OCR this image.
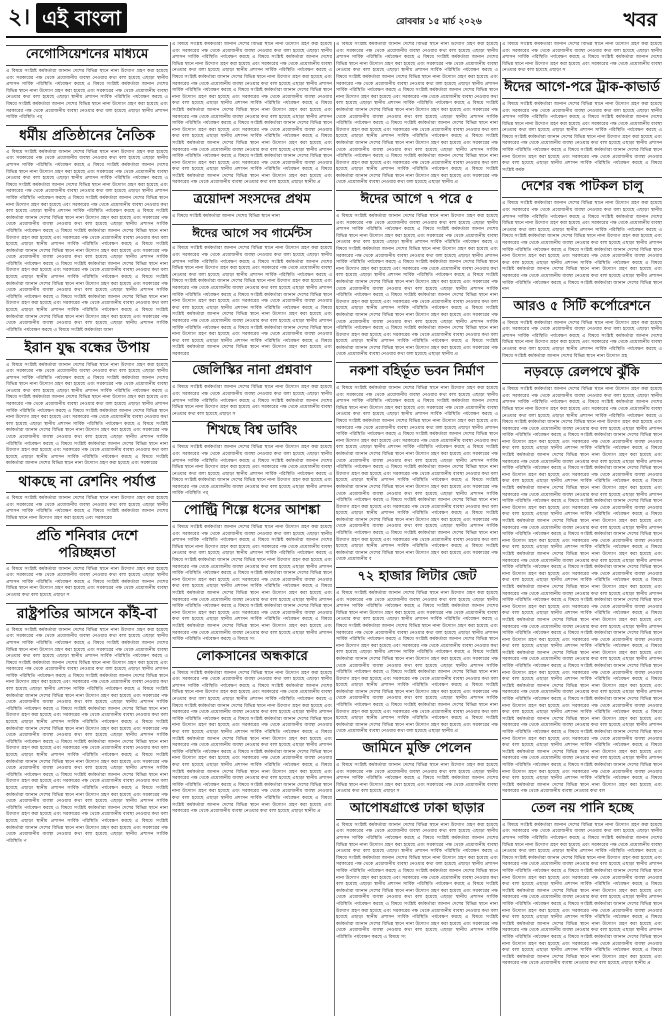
২। এই বাংলা	রোববার ১৫ মার্চ ২০২৬	খবর
নেগোসিয়েশনের মাধ্যমে

এ বিষয়ে সংশ্লিষ্ট কর্মকর্তারা জানান দেশের বিভিন্ন স্থানে নানা উদ্যোগ গ্রহণ করা হয়েছে এবং সরকারের পক্ষ থেকে প্রয়োজনীয় ব্যবস্থা নেওয়ার কথা বলা হয়েছে এছাড়া স্থানীয় প্রশাসন সার্বিক পরিস্থিতি পর্যবেক্ষণ করছে এ বিষয়ে সংশ্লিষ্ট কর্মকর্তারা জানান দেশের বিভিন্ন স্থানে নানা উদ্যোগ গ্রহণ করা হয়েছে এবং সরকারের পক্ষ থেকে প্রয়োজনীয় ব্যবস্থা নেওয়ার কথা বলা হয়েছে এছাড়া স্থানীয় প্রশাসন সার্বিক পরিস্থিতি পর্যবেক্ষণ করছে এ বিষয়ে সংশ্লিষ্ট কর্মকর্তারা জানান দেশের বিভিন্ন স্থানে নানা উদ্যোগ গ্রহণ করা হয়েছে এবং সরকারের পক্ষ থেকে প্রয়োজনীয় ব্যবস্থা নেওয়ার কথা বলা হয়েছে এছাড়া স্থানীয় প্রশাসন সার্বিক পরিস্থিতি পর্

ধর্মীয় প্রতিষ্ঠানের নৈতিক

এ বিষয়ে সংশ্লিষ্ট কর্মকর্তারা জানান দেশের বিভিন্ন স্থানে নানা উদ্যোগ গ্রহণ করা হয়েছে এবং সরকারের পক্ষ থেকে প্রয়োজনীয় ব্যবস্থা নেওয়ার কথা বলা হয়েছে এছাড়া স্থানীয় প্রশাসন সার্বিক পরিস্থিতি পর্যবেক্ষণ করছে এ বিষয়ে সংশ্লিষ্ট কর্মকর্তারা জানান দেশের বিভিন্ন স্থানে নানা উদ্যোগ গ্রহণ করা হয়েছে এবং সরকারের পক্ষ থেকে প্রয়োজনীয় ব্যবস্থা নেওয়ার কথা বলা হয়েছে এছাড়া স্থানীয় প্রশাসন সার্বিক পরিস্থিতি পর্যবেক্ষণ করছে এ বিষয়ে সংশ্লিষ্ট কর্মকর্তারা জানান দেশের বিভিন্ন স্থানে নানা উদ্যোগ গ্রহণ করা হয়েছে এবং সরকারের পক্ষ থেকে প্রয়োজনীয় ব্যবস্থা নেওয়ার কথা বলা হয়েছে এছাড়া স্থানীয় প্রশাসন সার্বিক পরিস্থিতি পর্যবেক্ষণ করছে এ বিষয়ে সংশ্লিষ্ট কর্মকর্তারা জানান দেশের বিভিন্ন স্থানে নানা উদ্যোগ গ্রহণ করা হয়েছে এবং সরকারের পক্ষ থেকে প্রয়োজনীয় ব্যবস্থা নেওয়ার কথা বলা হয়েছে এছাড়া স্থানীয় প্রশাসন সার্বিক পরিস্থিতি পর্যবেক্ষণ করছে এ বিষয়ে সংশ্লিষ্ট কর্মকর্তারা জানান দেশের বিভিন্ন স্থানে নানা উদ্যোগ গ্রহণ করা হয়েছে এবং সরকারের পক্ষ থেকে প্রয়োজনীয় ব্যবস্থা নেওয়ার কথা বলা হয়েছে এছাড়া স্থানীয় প্রশাসন সার্বিক পরিস্থিতি পর্যবেক্ষণ করছে এ বিষয়ে সংশ্লিষ্ট কর্মকর্তারা জানান দেশের বিভিন্ন স্থানে নানা উদ্যোগ গ্রহণ করা হয়েছে এবং সরকারের পক্ষ থেকে প্রয়োজনীয় ব্যবস্থা নেওয়ার কথা বলা হয়েছে এছাড়া স্থানীয় প্রশাসন সার্বিক পরিস্থিতি পর্যবেক্ষণ করছে এ বিষয়ে সংশ্লিষ্ট কর্মকর্তারা জানান দেশের বিভিন্ন স্থানে নানা উদ্যোগ গ্রহণ করা হয়েছে এবং সরকারের পক্ষ থেকে প্রয়োজনীয় ব্যবস্থা নেওয়ার কথা বলা হয়েছে এছাড়া স্থানীয় প্রশাসন সার্বিক পরিস্থিতি পর্যবেক্ষণ করছে এ বিষয়ে সংশ্লিষ্ট কর্মকর্তারা জানান দেশের বিভিন্ন স্থানে নানা উদ্যোগ গ্রহণ করা হয়েছে এবং সরকারের পক্ষ থেকে প্রয়োজনীয় ব্যবস্থা নেওয়ার কথা বলা হয়েছে এছাড়া স্থানীয় প্রশাসন সার্বিক পরিস্থিতি পর্যবেক্ষণ করছে এ বিষয়ে সংশ্লিষ্ট কর্মকর্তারা জানান দেশের বিভিন্ন স্থানে নানা উদ্যোগ গ্রহণ করা হয়েছে এবং সরকারের পক্ষ থেকে প্রয়োজনীয় ব্যবস্থা নেওয়ার কথা বলা হয়েছে এছাড়া স্থানীয় প্রশাসন সার্বিক পরিস্থিতি পর্যবেক্ষণ করছে এ বিষয়ে সংশ্লিষ্ট কর্মকর্তারা জানান দেশের বিভিন্ন স্থানে নানা উদ্যোগ গ্রহণ করা হয়েছে এবং সরকারের পক্ষ থেকে প্রয়োজনীয় ব্যবস্থা নেওয়ার কথা বলা হয়েছে এছাড়া স্থানীয় প্রশাসন সার্বিক পরিস্থিতি পর্যবেক্ষণ করছে এ বিষয়ে সংশ্লিষ্ট কর্মকর্তারা জানান দেশের বিভিন্ন স্থানে নানা উদ্যোগ গ্রহণ করা হয়েছে এবং সরকারের পক্ষ থেকে প্রয়োজনীয় ব্যবস্থা নেওয়ার কথা বলা হয়েছে এছাড়া স্থানীয় প্রশাসন সার্বিক পরিস্থিতি পর্যবেক্ষণ করছে এ বিষয়ে সংশ্লিষ্ট কর্মকর্তারা জানা

ইরান যুদ্ধ বন্ধের উপায়

এ বিষয়ে সংশ্লিষ্ট কর্মকর্তারা জানান দেশের বিভিন্ন স্থানে নানা উদ্যোগ গ্রহণ করা হয়েছে এবং সরকারের পক্ষ থেকে প্রয়োজনীয় ব্যবস্থা নেওয়ার কথা বলা হয়েছে এছাড়া স্থানীয় প্রশাসন সার্বিক পরিস্থিতি পর্যবেক্ষণ করছে এ বিষয়ে সংশ্লিষ্ট কর্মকর্তারা জানান দেশের বিভিন্ন স্থানে নানা উদ্যোগ গ্রহণ করা হয়েছে এবং সরকারের পক্ষ থেকে প্রয়োজনীয় ব্যবস্থা নেওয়ার কথা বলা হয়েছে এছাড়া স্থানীয় প্রশাসন সার্বিক পরিস্থিতি পর্যবেক্ষণ করছে এ বিষয়ে সংশ্লিষ্ট কর্মকর্তারা জানান দেশের বিভিন্ন স্থানে নানা উদ্যোগ গ্রহণ করা হয়েছে এবং সরকারের পক্ষ থেকে প্রয়োজনীয় ব্যবস্থা নেওয়ার কথা বলা হয়েছে এছাড়া স্থানীয় প্রশাসন সার্বিক পরিস্থিতি পর্যবেক্ষণ করছে এ বিষয়ে সংশ্লিষ্ট কর্মকর্তারা জানান দেশের বিভিন্ন স্থানে নানা উদ্যোগ গ্রহণ করা হয়েছে এবং সরকারের পক্ষ থেকে প্রয়োজনীয় ব্যবস্থা নেওয়ার কথা বলা হয়েছে এছাড়া স্থানীয় প্রশাসন সার্বিক পরিস্থিতি পর্যবেক্ষণ করছে এ বিষয়ে সংশ্লিষ্ট কর্মকর্তারা জানান দেশের বিভিন্ন স্থানে নানা উদ্যোগ গ্রহণ করা হয়েছে এবং সরকারের পক্ষ থেকে প্রয়োজনীয় ব্যবস্থা নেওয়ার কথা বলা হয়েছে এছাড়া স্থানীয় প্রশাসন সার্বিক পরিস্থিতি পর্যবেক্ষণ করছে এ বিষয়ে সংশ্লিষ্ট কর্মকর্তারা জানান দেশের বিভিন্ন স্থানে নানা উদ্যোগ গ্রহণ করা হয়েছে এবং সরকারের পক্ষ থেকে প্রয়োজনীয় ব্যবস্থা নেওয়ার কথা বলা হয়েছে এছাড়া স্থানীয় প্রশাসন সার্বিক পরিস্থিতি পর্যবেক্ষণ করছে এ বিষয়ে সংশ্লিষ্ট কর্মকর্তারা জানান দেশের বিভিন্ন স্থানে নানা উদ্যোগ গ্রহণ করা হয়েছে এবং সরকারের

থাকছে না রেশনিং পর্যাপ্ত

এ বিষয়ে সংশ্লিষ্ট কর্মকর্তারা জানান দেশের বিভিন্ন স্থানে নানা উদ্যোগ গ্রহণ করা হয়েছে এবং সরকারের পক্ষ থেকে প্রয়োজনীয় ব্যবস্থা নেওয়ার কথা বলা হয়েছে এছাড়া স্থানীয় প্রশাসন সার্বিক পরিস্থিতি পর্যবেক্ষণ করছে এ বিষয়ে সংশ্লিষ্ট কর্মকর্তারা জানান দেশের বিভিন্ন স্থানে নানা উদ্যোগ গ্রহণ করা হয়েছে এবং সরকারের

প্রতি শনিবার দেশে পরিচ্ছন্নতা

এ বিষয়ে সংশ্লিষ্ট কর্মকর্তারা জানান দেশের বিভিন্ন স্থানে নানা উদ্যোগ গ্রহণ করা হয়েছে এবং সরকারের পক্ষ থেকে প্রয়োজনীয় ব্যবস্থা নেওয়ার কথা বলা হয়েছে এছাড়া স্থানীয় প্রশাসন সার্বিক পরিস্থিতি পর্যবেক্ষণ করছে এ বিষয়ে সংশ্লিষ্ট কর্মকর্তারা জানান দেশের বিভিন্ন স্থানে নানা উদ্যোগ গ্রহণ করা হয়েছে এবং সরকারের পক্ষ থেকে প্রয়োজনীয় ব্যবস্থা নেওয়ার কথা বলা হয়েছে এছাড়া স

রাষ্ট্রপতির আসনে কাঁই-বা

এ বিষয়ে সংশ্লিষ্ট কর্মকর্তারা জানান দেশের বিভিন্ন স্থানে নানা উদ্যোগ গ্রহণ করা হয়েছে এবং সরকারের পক্ষ থেকে প্রয়োজনীয় ব্যবস্থা নেওয়ার কথা বলা হয়েছে এছাড়া স্থানীয় প্রশাসন সার্বিক পরিস্থিতি পর্যবেক্ষণ করছে এ বিষয়ে সংশ্লিষ্ট কর্মকর্তারা জানান দেশের বিভিন্ন স্থানে নানা উদ্যোগ গ্রহণ করা হয়েছে এবং সরকারের পক্ষ থেকে প্রয়োজনীয় ব্যবস্থা নেওয়ার কথা বলা হয়েছে এছাড়া স্থানীয় প্রশাসন সার্বিক পরিস্থিতি পর্যবেক্ষণ করছে এ বিষয়ে সংশ্লিষ্ট কর্মকর্তারা জানান দেশের বিভিন্ন স্থানে নানা উদ্যোগ গ্রহণ করা হয়েছে এবং সরকারের পক্ষ থেকে প্রয়োজনীয় ব্যবস্থা নেওয়ার কথা বলা হয়েছে এছাড়া স্থানীয় প্রশাসন সার্বিক পরিস্থিতি পর্যবেক্ষণ করছে এ বিষয়ে সংশ্লিষ্ট কর্মকর্তারা জানান দেশের বিভিন্ন স্থানে নানা উদ্যোগ গ্রহণ করা হয়েছে এবং সরকারের পক্ষ থেকে প্রয়োজনীয় ব্যবস্থা নেওয়ার কথা বলা হয়েছে এছাড়া স্থানীয় প্রশাসন সার্বিক পরিস্থিতি পর্যবেক্ষণ করছে এ বিষয়ে সংশ্লিষ্ট কর্মকর্তারা জানান দেশের বিভিন্ন স্থানে নানা উদ্যোগ গ্রহণ করা হয়েছে এবং সরকারের পক্ষ থেকে প্রয়োজনীয় ব্যবস্থা নেওয়ার কথা বলা হয়েছে এছাড়া স্থানীয় প্রশাসন সার্বিক পরিস্থিতি পর্যবেক্ষণ করছে এ বিষয়ে সংশ্লিষ্ট কর্মকর্তারা জানান দেশের বিভিন্ন স্থানে নানা উদ্যোগ গ্রহণ করা হয়েছে এবং সরকারের পক্ষ থেকে প্রয়োজনীয় ব্যবস্থা নেওয়ার কথা বলা হয়েছে এছাড়া স্থানীয় প্রশাসন সার্বিক পরিস্থিতি পর্যবেক্ষণ করছে এ বিষয়ে সংশ্লিষ্ট কর্মকর্তারা জানান দেশের বিভিন্ন স্থানে নানা উদ্যোগ গ্রহণ করা হয়েছে এবং সরকারের পক্ষ থেকে প্রয়োজনীয় ব্যবস্থা নেওয়ার কথা বলা হয়েছে এছাড়া স্থানীয় প্রশাসন সার্বিক পরিস্থিতি পর্যবেক্ষণ করছে এ বিষয়ে সংশ্লিষ্ট কর্মকর্তারা জানান দেশের বিভিন্ন স্থানে নানা উদ্যোগ গ্রহণ করা হয়েছে এবং সরকারের পক্ষ থেকে প্রয়োজনীয় ব্যবস্থা নেওয়ার কথা বলা হয়েছে এছাড়া স্থানীয় প্রশাসন সার্বিক পরিস্থিতি পর্যবেক্ষণ করছে এ বিষয়ে সংশ্লিষ্ট কর্মকর্তারা জানান দেশের বিভিন্ন স্থানে নানা উদ্যোগ গ্রহণ করা হয়েছে এবং সরকারের পক্ষ থেকে প্রয়োজনীয় ব্যবস্থা নেওয়ার কথা বলা হয়েছে এছাড়া স্থানীয় প্রশাসন সার্বিক পরিস্থিতি পর্যবেক্ষণ করছে এ বিষয়ে সংশ্লিষ্ট কর্মকর্তারা জানান দেশের বিভিন্ন স্থানে নানা উদ্যোগ গ্রহণ করা হয়েছে এবং সরকারের পক্ষ থেকে প্রয়োজনীয় ব্যবস্থা নেওয়ার কথা বলা হয়েছে এছাড়া স্থানীয় প্রশাসন সার্বিক পরিস্থিতি পর্যবেক্ষণ করছে এ বিষয়ে সংশ্লিষ্ট কর্মকর্তারা জানান দেশের বিভিন্ন স্থানে নানা উদ্যোগ গ্রহণ করা হয়েছে এবং সরকারের পক্ষ থেকে প্রয়োজনীয় ব্যবস্থা নেওয়ার কথা বলা হয়েছে এছাড়া স্থানীয় প্রশাসন সার্বিক পরিস্থিতি পর্যবেক্ষণ করছে এ বিষয়ে সংশ্লিষ্ট কর্মকর্তারা জানান দেশের বিভিন্ন স্থানে নানা উদ্যোগ গ্রহণ করা হয়েছে এবং সরকারের পক্ষ থেকে প্রয়োজনীয় ব্যবস্থা নেওয়ার কথা বলা হয়েছে এছাড়া স্থানীয় প্রশাসন সার্বিক পরিস্থিতি পর্যবেক্ষণ করছে এ বিষয়ে সংশ্লিষ্ট কর্মকর্তারা জানান দেশের বিভিন্ন স্থানে নানা উদ্যোগ গ্রহণ করা হয়েছে এবং সরকারের পক্ষ থেকে প্রয়োজনীয় ব্যবস্থা নেওয়ার কথা বলা হয়েছে এছাড়া স্থানীয় প্রশাসন সার্বিক পরিস্থিতি প

এ বিষয়ে সংশ্লিষ্ট কর্মকর্তারা জানান দেশের বিভিন্ন স্থানে নানা উদ্যোগ গ্রহণ করা হয়েছে এবং সরকারের পক্ষ থেকে প্রয়োজনীয় ব্যবস্থা নেওয়ার কথা বলা হয়েছে এছাড়া স্থানীয় প্রশাসন সার্বিক পরিস্থিতি পর্যবেক্ষণ করছে এ বিষয়ে সংশ্লিষ্ট কর্মকর্তারা জানান দেশের বিভিন্ন স্থানে নানা উদ্যোগ গ্রহণ করা হয়েছে এবং সরকারের পক্ষ থেকে প্রয়োজনীয় ব্যবস্থা নেওয়ার কথা বলা হয়েছে এছাড়া স্থানীয় প্রশাসন সার্বিক পরিস্থিতি পর্যবেক্ষণ করছে এ বিষয়ে সংশ্লিষ্ট কর্মকর্তারা জানান দেশের বিভিন্ন স্থানে নানা উদ্যোগ গ্রহণ করা হয়েছে এবং সরকারের পক্ষ থেকে প্রয়োজনীয় ব্যবস্থা নেওয়ার কথা বলা হয়েছে এছাড়া স্থানীয় প্রশাসন সার্বিক পরিস্থিতি পর্যবেক্ষণ করছে এ বিষয়ে সংশ্লিষ্ট কর্মকর্তারা জানান দেশের বিভিন্ন স্থানে নানা উদ্যোগ গ্রহণ করা হয়েছে এবং সরকারের পক্ষ থেকে প্রয়োজনীয় ব্যবস্থা নেওয়ার কথা বলা হয়েছে এছাড়া স্থানীয় প্রশাসন সার্বিক পরিস্থিতি পর্যবেক্ষণ করছে এ বিষয়ে সংশ্লিষ্ট কর্মকর্তারা জানান দেশের বিভিন্ন স্থানে নানা উদ্যোগ গ্রহণ করা হয়েছে এবং সরকারের পক্ষ থেকে প্রয়োজনীয় ব্যবস্থা নেওয়ার কথা বলা হয়েছে এছাড়া স্থানীয় প্রশাসন সার্বিক পরিস্থিতি পর্যবেক্ষণ করছে এ বিষয়ে সংশ্লিষ্ট কর্মকর্তারা জানান দেশের বিভিন্ন স্থানে নানা উদ্যোগ গ্রহণ করা হয়েছে এবং সরকারের পক্ষ থেকে প্রয়োজনীয় ব্যবস্থা নেওয়ার কথা বলা হয়েছে এছাড়া স্থানীয় প্রশাসন সার্বিক পরিস্থিতি পর্যবেক্ষণ করছে এ বিষয়ে সংশ্লিষ্ট কর্মকর্তারা জানান দেশের বিভিন্ন স্থানে নানা উদ্যোগ গ্রহণ করা হয়েছে এবং সরকারের পক্ষ থেকে প্রয়োজনীয় ব্যবস্থা নেওয়ার কথা বলা হয়েছে এছাড়া স্থানীয় প্রশাসন সার্বিক পরিস্থিতি পর্যবেক্ষণ করছে এ বিষয়ে সংশ্লিষ্ট কর্মকর্তারা জানান দেশের বিভিন্ন স্থানে নানা উদ্যোগ গ্রহণ করা হয়েছে এবং সরকারের পক্ষ থেকে প্রয়োজনীয় ব্যবস্থা নেওয়ার কথা বলা হয়েছে এছাড়া স্থানীয় প্রশাসন সার্বিক পরিস্থিতি পর্যবেক্ষণ করছে এ বিষয়ে সংশ্লিষ্ট কর্মকর্তারা জানান দেশের বিভিন্ন স্থানে নানা উদ্যোগ গ্রহণ করা হয়েছে এবং সরকারের পক্ষ থেকে প্রয়োজনীয় ব্যবস্থা নেওয়ার কথা বলা হয়েছে এছাড়া স্থানীয় প্র

ত্রয়োদশ সংসদের প্রথম

এ বিষয়ে সংশ্লিষ্ট কর্মকর্তারা জানান দেশের বিভিন্ন স্থানে নানা

ঈদের আগে সব গার্মেন্টস

এ বিষয়ে সংশ্লিষ্ট কর্মকর্তারা জানান দেশের বিভিন্ন স্থানে নানা উদ্যোগ গ্রহণ করা হয়েছে এবং সরকারের পক্ষ থেকে প্রয়োজনীয় ব্যবস্থা নেওয়ার কথা বলা হয়েছে এছাড়া স্থানীয় প্রশাসন সার্বিক পরিস্থিতি পর্যবেক্ষণ করছে এ বিষয়ে সংশ্লিষ্ট কর্মকর্তারা জানান দেশের বিভিন্ন স্থানে নানা উদ্যোগ গ্রহণ করা হয়েছে এবং সরকারের পক্ষ থেকে প্রয়োজনীয় ব্যবস্থা নেওয়ার কথা বলা হয়েছে এছাড়া স্থানীয় প্রশাসন সার্বিক পরিস্থিতি পর্যবেক্ষণ করছে এ বিষয়ে সংশ্লিষ্ট কর্মকর্তারা জানান দেশের বিভিন্ন স্থানে নানা উদ্যোগ গ্রহণ করা হয়েছে এবং সরকারের পক্ষ থেকে প্রয়োজনীয় ব্যবস্থা নেওয়ার কথা বলা হয়েছে এছাড়া স্থানীয় প্রশাসন সার্বিক পরিস্থিতি পর্যবেক্ষণ করছে এ বিষয়ে সংশ্লিষ্ট কর্মকর্তারা জানান দেশের বিভিন্ন স্থানে নানা উদ্যোগ গ্রহণ করা হয়েছে এবং সরকারের পক্ষ থেকে প্রয়োজনীয় ব্যবস্থা নেওয়ার কথা বলা হয়েছে এছাড়া স্থানীয় প্রশাসন সার্বিক পরিস্থিতি পর্যবেক্ষণ করছে এ বিষয়ে সংশ্লিষ্ট কর্মকর্তারা জানান দেশের বিভিন্ন স্থানে নানা উদ্যোগ গ্রহণ করা হয়েছে এবং সরকারের পক্ষ থেকে প্রয়োজনীয় ব্যবস্থা নেওয়ার কথা বলা হয়েছে এছাড়া স্থানীয় প্রশাসন সার্বিক পরিস্থিতি পর্যবেক্ষণ করছে এ বিষয়ে সংশ্লিষ্ট কর্মকর্তারা জানান দেশের বিভিন্ন স্থানে নানা উদ্যোগ গ্রহণ করা হয়েছে এবং সরকারের পক্ষ থেকে প্রয়োজনীয় ব্যবস্থা নেওয়ার কথা বলা হয়েছে এছাড়া স্থানীয় প্রশাসন সার্বিক পরিস্থিতি পর্যবেক্ষণ করছে এ বিষয়ে সংশ্লিষ্ট কর্মকর্তারা জানান দেশের বিভিন্ন স্থানে নানা উদ্যোগ গ্রহণ করা হয়েছে এবং সরকারের

জেলিস্কির নানা প্রশ্নবাণ

এ বিষয়ে সংশ্লিষ্ট কর্মকর্তারা জানান দেশের বিভিন্ন স্থানে নানা উদ্যোগ গ্রহণ করা হয়েছে এবং সরকারের পক্ষ থেকে প্রয়োজনীয় ব্যবস্থা নেওয়ার কথা বলা হয়েছে এছাড়া স্থানীয় প্রশাসন সার্বিক পরিস্থিতি পর্যবেক্ষণ করছে এ বিষয়ে সংশ্লিষ্ট কর্মকর্তারা জানান দেশের বিভিন্ন স্থানে নানা উদ্যোগ গ্রহণ করা হয়েছে এবং সরকারের পক্ষ থেকে প্রয়োজনীয় ব্যবস্থা নেওয়ার কথা বলা হয়েছে এছাড়া স

শিখছে বিশ্ব ডাবিং

এ বিষয়ে সংশ্লিষ্ট কর্মকর্তারা জানান দেশের বিভিন্ন স্থানে নানা উদ্যোগ গ্রহণ করা হয়েছে এবং সরকারের পক্ষ থেকে প্রয়োজনীয় ব্যবস্থা নেওয়ার কথা বলা হয়েছে এছাড়া স্থানীয় প্রশাসন সার্বিক পরিস্থিতি পর্যবেক্ষণ করছে এ বিষয়ে সংশ্লিষ্ট কর্মকর্তারা জানান দেশের বিভিন্ন স্থানে নানা উদ্যোগ গ্রহণ করা হয়েছে এবং সরকারের পক্ষ থেকে প্রয়োজনীয় ব্যবস্থা নেওয়ার কথা বলা হয়েছে এছাড়া স্থানীয় প্রশাসন সার্বিক পরিস্থিতি পর্যবেক্ষণ করছে এ বিষয়ে সংশ্লিষ্ট কর্মকর্তারা জানান দেশের বিভিন্ন স্থানে নানা উদ্যোগ গ্রহণ করা হয়েছে এবং সরকারের পক্ষ থেকে প্রয়োজনীয় ব্যবস্থা নেওয়ার কথা বলা হয়েছে এছাড়া স্থানীয় প্রশাসন সার্বিক পরিস্থিতি পর্

পোল্ট্রি শিল্পে ধসের আশঙ্কা

এ বিষয়ে সংশ্লিষ্ট কর্মকর্তারা জানান দেশের বিভিন্ন স্থানে নানা উদ্যোগ গ্রহণ করা হয়েছে এবং সরকারের পক্ষ থেকে প্রয়োজনীয় ব্যবস্থা নেওয়ার কথা বলা হয়েছে এছাড়া স্থানীয় প্রশাসন সার্বিক পরিস্থিতি পর্যবেক্ষণ করছে এ বিষয়ে সংশ্লিষ্ট কর্মকর্তারা জানান দেশের বিভিন্ন স্থানে নানা উদ্যোগ গ্রহণ করা হয়েছে এবং সরকারের পক্ষ থেকে প্রয়োজনীয় ব্যবস্থা নেওয়ার কথা বলা হয়েছে এছাড়া স্থানীয় প্রশাসন সার্বিক পরিস্থিতি পর্যবেক্ষণ করছে এ বিষয়ে সংশ্লিষ্ট কর্মকর্তারা জানান দেশের বিভিন্ন স্থানে নানা উদ্যোগ গ্রহণ করা হয়েছে এবং সরকারের পক্ষ থেকে প্রয়োজনীয় ব্যবস্থা নেওয়ার কথা বলা হয়েছে এছাড়া স্থানীয় প্রশাসন সার্বিক পরিস্থিতি পর্যবেক্ষণ করছে এ বিষয়ে সংশ্লিষ্ট কর্মকর্তারা জানান দেশের বিভিন্ন স্থানে নানা উদ্যোগ গ্রহণ করা হয়েছে এবং সরকারের পক্ষ থেকে প্রয়োজনীয় ব্যবস্থা নেওয়ার কথা বলা হয়েছে এছাড়া স্থানীয় প্রশাসন সার্বিক পরিস্থিতি পর্যবেক্ষণ করছে এ বিষয়ে সংশ্লিষ্ট কর্মকর্তারা জানান দেশের বিভিন্ন স্থানে নানা উদ্যোগ গ্রহণ করা হয়েছে এবং সরকারের পক্ষ থেকে প্রয়োজনীয় ব্যবস্থা নেওয়ার কথা বলা হয়েছে এছাড়া স্থানীয় প্রশাসন সার্বিক পরিস্থিতি পর্যবেক্ষণ করছে এ বিষয়ে সংশ্লিষ্ট কর্মকর্তারা জানান দেশের বিভিন্ন স্থানে নানা উদ্যোগ গ্রহণ করা হয়েছে এবং সরকারের পক্ষ থেকে প্রয়োজনীয় ব্যবস্থা নেওয়ার কথা বলা হয়েছে এছাড়া স্থানীয় প্রশাসন সার্বিক পরিস্থিতি পর্যবেক্ষণ করছে এ বিষয়ে সংশ্লিষ্ট কর্মকর্তারা জানান দেশের বিভিন্ন স্থানে নানা উদ্যোগ গ্রহণ করা হয়েছে এবং সরকারের পক্ষ থেকে প্রয়োজনীয় ব্যবস্থা নেওয়ার কথা বলা হয়েছে এছাড়া স্থানীয় প্রশাসন সার্বিক পরিস্থিতি পর্যবেক্ষণ করছে এ বিষয়ে সং

লোকসানের অন্ধকারে

এ বিষয়ে সংশ্লিষ্ট কর্মকর্তারা জানান দেশের বিভিন্ন স্থানে নানা উদ্যোগ গ্রহণ করা হয়েছে এবং সরকারের পক্ষ থেকে প্রয়োজনীয় ব্যবস্থা নেওয়ার কথা বলা হয়েছে এছাড়া স্থানীয় প্রশাসন সার্বিক পরিস্থিতি পর্যবেক্ষণ করছে এ বিষয়ে সংশ্লিষ্ট কর্মকর্তারা জানান দেশের বিভিন্ন স্থানে নানা উদ্যোগ গ্রহণ করা হয়েছে এবং সরকারের পক্ষ থেকে প্রয়োজনীয় ব্যবস্থা নেওয়ার কথা বলা হয়েছে এছাড়া স্থানীয় প্রশাসন সার্বিক পরিস্থিতি পর্যবেক্ষণ করছে এ বিষয়ে সংশ্লিষ্ট কর্মকর্তারা জানান দেশের বিভিন্ন স্থানে নানা উদ্যোগ গ্রহণ করা হয়েছে এবং সরকারের পক্ষ থেকে প্রয়োজনীয় ব্যবস্থা নেওয়ার কথা বলা হয়েছে এছাড়া স্থানীয় প্রশাসন সার্বিক পরিস্থিতি পর্যবেক্ষণ করছে এ বিষয়ে সংশ্লিষ্ট কর্মকর্তারা জানান দেশের বিভিন্ন স্থানে নানা উদ্যোগ গ্রহণ করা হয়েছে এবং সরকারের পক্ষ থেকে প্রয়োজনীয় ব্যবস্থা নেওয়ার কথা বলা হয়েছে এছাড়া স্থানীয় প্রশাসন সার্বিক পরিস্থিতি পর্যবেক্ষণ করছে এ বিষয়ে সংশ্লিষ্ট কর্মকর্তারা জানান দেশের বিভিন্ন স্থানে নানা উদ্যোগ গ্রহণ করা হয়েছে এবং সরকারের পক্ষ থেকে প্রয়োজনীয় ব্যবস্থা নেওয়ার কথা বলা হয়েছে এছাড়া স্থানীয় প্রশাসন সার্বিক পরিস্থিতি পর্যবেক্ষণ করছে এ বিষয়ে সংশ্লিষ্ট কর্মকর্তারা জানান দেশের বিভিন্ন স্থানে নানা উদ্যোগ গ্রহণ করা হয়েছে এবং সরকারের পক্ষ থেকে প্রয়োজনীয় ব্যবস্থা নেওয়ার কথা বলা হয়েছে এছাড়া স্থানীয় প্রশাসন সার্বিক পরিস্থিতি পর্যবেক্ষণ করছে এ বিষয়ে সংশ্লিষ্ট কর্মকর্তারা জানান দেশের বিভিন্ন স্থানে নানা উদ্যোগ গ্রহণ করা হয়েছে এবং সরকারের পক্ষ থেকে প্রয়োজনীয় ব্যবস্থা নেওয়ার কথা বলা হয়েছে এছাড়া স্থানীয় প্রশাসন সার্বিক পরিস্থিতি পর্যবেক্ষণ করছে এ বিষয়ে সংশ্লিষ্ট কর্মকর্তারা জানান দেশের বিভিন্ন স্থানে নানা উদ্যোগ গ্রহণ করা হয়েছে এবং সরকারের পক্ষ থেকে প্রয়োজনীয় ব্যবস্থা নেওয়ার কথা বলা হয়েছে এছাড়া স্থানীয় প্রশাসন সার্বিক পরিস্থিতি পর্যবেক্ষণ করছে এ বিষয়ে সংশ্লিষ্ট কর্মকর্তারা জানান দেশের বিভিন্ন স্থানে নানা উদ্যোগ গ্রহণ করা হয়েছে এবং সরকারের পক্ষ থেকে প্রয়োজনীয় ব্যবস্থা নেওয়ার কথা বলা হয়েছে এছাড়া স্থানীয় প্র

এ বিষয়ে সংশ্লিষ্ট কর্মকর্তারা জানান দেশের বিভিন্ন স্থানে নানা উদ্যোগ গ্রহণ করা হয়েছে এবং সরকারের পক্ষ থেকে প্রয়োজনীয় ব্যবস্থা নেওয়ার কথা বলা হয়েছে এছাড়া স্থানীয় প্রশাসন সার্বিক পরিস্থিতি পর্যবেক্ষণ করছে এ বিষয়ে সংশ্লিষ্ট কর্মকর্তারা জানান দেশের বিভিন্ন স্থানে নানা উদ্যোগ গ্রহণ করা হয়েছে এবং সরকারের পক্ষ থেকে প্রয়োজনীয় ব্যবস্থা নেওয়ার কথা বলা হয়েছে এছাড়া স্থানীয় প্রশাসন সার্বিক পরিস্থিতি পর্যবেক্ষণ করছে এ বিষয়ে সংশ্লিষ্ট কর্মকর্তারা জানান দেশের বিভিন্ন স্থানে নানা উদ্যোগ গ্রহণ করা হয়েছে এবং সরকারের পক্ষ থেকে প্রয়োজনীয় ব্যবস্থা নেওয়ার কথা বলা হয়েছে এছাড়া স্থানীয় প্রশাসন সার্বিক পরিস্থিতি পর্যবেক্ষণ করছে এ বিষয়ে সংশ্লিষ্ট কর্মকর্তারা জানান দেশের বিভিন্ন স্থানে নানা উদ্যোগ গ্রহণ করা হয়েছে এবং সরকারের পক্ষ থেকে প্রয়োজনীয় ব্যবস্থা নেওয়ার কথা বলা হয়েছে এছাড়া স্থানীয় প্রশাসন সার্বিক পরিস্থিতি পর্যবেক্ষণ করছে এ বিষয়ে সংশ্লিষ্ট কর্মকর্তারা জানান দেশের বিভিন্ন স্থানে নানা উদ্যোগ গ্রহণ করা হয়েছে এবং সরকারের পক্ষ থেকে প্রয়োজনীয় ব্যবস্থা নেওয়ার কথা বলা হয়েছে এছাড়া স্থানীয় প্রশাসন সার্বিক পরিস্থিতি পর্যবেক্ষণ করছে এ বিষয়ে সংশ্লিষ্ট কর্মকর্তারা জানান দেশের বিভিন্ন স্থানে নানা উদ্যোগ গ্রহণ করা হয়েছে এবং সরকারের পক্ষ থেকে প্রয়োজনীয় ব্যবস্থা নেওয়ার কথা বলা হয়েছে এছাড়া স্থানীয় প্রশাসন সার্বিক পরিস্থিতি পর্যবেক্ষণ করছে এ বিষয়ে সংশ্লিষ্ট কর্মকর্তারা জানান দেশের বিভিন্ন স্থানে নানা উদ্যোগ গ্রহণ করা হয়েছে এবং সরকারের পক্ষ থেকে প্রয়োজনীয় ব্যবস্থা নেওয়ার কথা বলা হয়েছে এছাড়া স্থানীয় প্রশাসন সার্বিক পরিস্থিতি পর্যবেক্ষণ করছে এ বিষয়ে সংশ্লিষ্ট কর্মকর্তারা জানান দেশের বিভিন্ন স্থানে নানা উদ্যোগ গ্রহণ করা হয়েছে এবং সরকারের পক্ষ থেকে প্রয়োজনীয় ব্যবস্থা নেওয়ার কথা বলা হয়েছে এছাড়া স্থানীয় প্রশাসন সার্বিক পরিস্থিতি পর্যবেক্ষণ করছে এ বিষয়ে সংশ্লিষ্ট কর্মকর্তারা জানান দেশের বিভিন্ন স্থানে নানা উদ্যোগ গ্রহণ করা হয়েছে এবং সরকারের পক্ষ থেকে প্রয়োজনীয় ব্যবস্থা নেওয়ার কথা বলা হয়েছে এছাড়া স্থানীয় প্র

ঈদের আগে ৭ পরে ৫

এ বিষয়ে সংশ্লিষ্ট কর্মকর্তারা জানান দেশের বিভিন্ন স্থানে নানা উদ্যোগ গ্রহণ করা হয়েছে এবং সরকারের পক্ষ থেকে প্রয়োজনীয় ব্যবস্থা নেওয়ার কথা বলা হয়েছে এছাড়া স্থানীয় প্রশাসন সার্বিক পরিস্থিতি পর্যবেক্ষণ করছে এ বিষয়ে সংশ্লিষ্ট কর্মকর্তারা জানান দেশের বিভিন্ন স্থানে নানা উদ্যোগ গ্রহণ করা হয়েছে এবং সরকারের পক্ষ থেকে প্রয়োজনীয় ব্যবস্থা নেওয়ার কথা বলা হয়েছে এছাড়া স্থানীয় প্রশাসন সার্বিক পরিস্থিতি পর্যবেক্ষণ করছে এ বিষয়ে সংশ্লিষ্ট কর্মকর্তারা জানান দেশের বিভিন্ন স্থানে নানা উদ্যোগ গ্রহণ করা হয়েছে এবং সরকারের পক্ষ থেকে প্রয়োজনীয় ব্যবস্থা নেওয়ার কথা বলা হয়েছে এছাড়া স্থানীয় প্রশাসন সার্বিক পরিস্থিতি পর্যবেক্ষণ করছে এ বিষয়ে সংশ্লিষ্ট কর্মকর্তারা জানান দেশের বিভিন্ন স্থানে নানা উদ্যোগ গ্রহণ করা হয়েছে এবং সরকারের পক্ষ থেকে প্রয়োজনীয় ব্যবস্থা নেওয়ার কথা বলা হয়েছে এছাড়া স্থানীয় প্রশাসন সার্বিক পরিস্থিতি পর্যবেক্ষণ করছে এ বিষয়ে সংশ্লিষ্ট কর্মকর্তারা জানান দেশের বিভিন্ন স্থানে নানা উদ্যোগ গ্রহণ করা হয়েছে এবং সরকারের পক্ষ থেকে প্রয়োজনীয় ব্যবস্থা নেওয়ার কথা বলা হয়েছে এছাড়া স্থানীয় প্রশাসন সার্বিক পরিস্থিতি পর্যবেক্ষণ করছে এ বিষয়ে সংশ্লিষ্ট কর্মকর্তারা জানান দেশের বিভিন্ন স্থানে নানা উদ্যোগ গ্রহণ করা হয়েছে এবং সরকারের পক্ষ থেকে প্রয়োজনীয় ব্যবস্থা নেওয়ার কথা বলা হয়েছে এছাড়া স্থানীয় প্রশাসন সার্বিক পরিস্থিতি পর্যবেক্ষণ করছে এ বিষয়ে সংশ্লিষ্ট কর্মকর্তারা জানান দেশের বিভিন্ন স্থানে নানা উদ্যোগ গ্রহণ করা হয়েছে এবং সরকারের পক্ষ থেকে প্রয়োজনীয় ব্যবস্থা নেওয়ার কথা বলা হয়েছে এছাড়া স্থানীয় প্রশাসন সার্বিক পরিস্থিতি পর্যবেক্ষণ করছে এ বিষয়ে সংশ্লিষ্ট কর্মকর্তারা জানান দেশের বিভিন্ন স্থানে নানা উদ্যোগ গ্রহণ করা হয়েছে এবং সরকারের পক্ষ থেকে প্রয়োজনীয় ব্যবস্থা নেওয়ার কথা বলা হয়েছে এছাড়া স্থানীয় প্রশাসন সার্বিক পরিস্থিতি পর্যবেক্ষণ করছে এ বিষয়ে সংশ্লিষ্ট কর্মকর্তারা জানান দেশের বিভিন্ন স্থানে নানা উদ্যোগ গ্রহণ করা হয়েছে এবং সরকারের পক্ষ থেকে প্রয়োজনীয় ব্যবস্থা নেওয়ার কথা বলা হয়েছে এছাড়া স্থানীয় প্র

নকশা বহির্ভূত ভবন নির্মাণ

এ বিষয়ে সংশ্লিষ্ট কর্মকর্তারা জানান দেশের বিভিন্ন স্থানে নানা উদ্যোগ গ্রহণ করা হয়েছে এবং সরকারের পক্ষ থেকে প্রয়োজনীয় ব্যবস্থা নেওয়ার কথা বলা হয়েছে এছাড়া স্থানীয় প্রশাসন সার্বিক পরিস্থিতি পর্যবেক্ষণ করছে এ বিষয়ে সংশ্লিষ্ট কর্মকর্তারা জানান দেশের বিভিন্ন স্থানে নানা উদ্যোগ গ্রহণ করা হয়েছে এবং সরকারের পক্ষ থেকে প্রয়োজনীয় ব্যবস্থা নেওয়ার কথা বলা হয়েছে এছাড়া স্থানীয় প্রশাসন সার্বিক পরিস্থিতি পর্যবেক্ষণ করছে এ বিষয়ে সংশ্লিষ্ট কর্মকর্তারা জানান দেশের বিভিন্ন স্থানে নানা উদ্যোগ গ্রহণ করা হয়েছে এবং সরকারের পক্ষ থেকে প্রয়োজনীয় ব্যবস্থা নেওয়ার কথা বলা হয়েছে এছাড়া স্থানীয় প্রশাসন সার্বিক পরিস্থিতি পর্যবেক্ষণ করছে এ বিষয়ে সংশ্লিষ্ট কর্মকর্তারা জানান দেশের বিভিন্ন স্থানে নানা উদ্যোগ গ্রহণ করা হয়েছে এবং সরকারের পক্ষ থেকে প্রয়োজনীয় ব্যবস্থা নেওয়ার কথা বলা হয়েছে এছাড়া স্থানীয় প্রশাসন সার্বিক পরিস্থিতি পর্যবেক্ষণ করছে এ বিষয়ে সংশ্লিষ্ট কর্মকর্তারা জানান দেশের বিভিন্ন স্থানে নানা উদ্যোগ গ্রহণ করা হয়েছে এবং সরকারের পক্ষ থেকে প্রয়োজনীয় ব্যবস্থা নেওয়ার কথা বলা হয়েছে এছাড়া স্থানীয় প্রশাসন সার্বিক পরিস্থিতি পর্যবেক্ষণ করছে এ বিষয়ে সংশ্লিষ্ট কর্মকর্তারা জানান দেশের বিভিন্ন স্থানে নানা উদ্যোগ গ্রহণ করা হয়েছে এবং সরকারের পক্ষ থেকে প্রয়োজনীয় ব্যবস্থা নেওয়ার কথা বলা হয়েছে এছাড়া স্থানীয় প্রশাসন সার্বিক পরিস্থিতি পর্যবেক্ষণ করছে এ বিষয়ে সংশ্লিষ্ট কর্মকর্তারা জানান দেশের বিভিন্ন স্থানে নানা উদ্যোগ গ্রহণ করা হয়েছে এবং সরকারের পক্ষ থেকে প্রয়োজনীয় ব্যবস্থা নেওয়ার কথা বলা হয়েছে এছাড়া স্থানীয় প্রশাসন সার্বিক পরিস্থিতি পর্যবেক্ষণ করছে এ বিষয়ে সংশ্লিষ্ট কর্মকর্তারা জানান দেশের বিভিন্ন স্থানে নানা উদ্যোগ গ্রহণ করা হয়েছে এবং সরকারের পক্ষ থেকে প্রয়োজনীয় ব্যবস্থা নেওয়ার কথা বলা হয়েছে এছাড়া স্থানীয় প্রশাসন সার্বিক পরিস্থিতি পর্যবেক্ষণ করছে এ বিষয়ে সংশ্লিষ্ট কর্মকর্তারা জানান দেশের বিভিন্ন স্থানে নানা উদ্যোগ গ্রহণ করা হয়েছে এবং সরকারের পক্ষ থেকে প্রয়োজনীয় ব্যবস্থা নেওয়ার কথা বলা হয়েছে এছাড়া স্থানীয় প্রশাসন সার্বিক পরিস্থিতি পর্যবেক্ষণ করছে এ বিষয়ে সংশ্লিষ্ট কর্মকর্তারা জানান দেশের বিভিন্ন স্থানে নানা উদ্যোগ গ্রহণ করা হয়েছে এবং সরকারের পক্ষ থেকে প্রয়োজনীয় ব্যবস্থা নেওয়ার কথা বলা হয়েছে এছাড়া স্থানীয় প্রশাসন সার্বিক পরিস্থিতি পর্যবেক্ষণ করছে এ বিষয়ে সংশ্লিষ্ট কর্মকর্তারা জানান দেশের বিভিন্ন স্থানে নানা উদ্যোগ গ্রহণ করা হয়েছে এবং সরকারের পক্ষ থেকে প্রয়োজনীয় ব

৭২ হাজার লিটার জেট

এ বিষয়ে সংশ্লিষ্ট কর্মকর্তারা জানান দেশের বিভিন্ন স্থানে নানা উদ্যোগ গ্রহণ করা হয়েছে এবং সরকারের পক্ষ থেকে প্রয়োজনীয় ব্যবস্থা নেওয়ার কথা বলা হয়েছে এছাড়া স্থানীয় প্রশাসন সার্বিক পরিস্থিতি পর্যবেক্ষণ করছে এ বিষয়ে সংশ্লিষ্ট কর্মকর্তারা জানান দেশের বিভিন্ন স্থানে নানা উদ্যোগ গ্রহণ করা হয়েছে এবং সরকারের পক্ষ থেকে প্রয়োজনীয় ব্যবস্থা নেওয়ার কথা বলা হয়েছে এছাড়া স্থানীয় প্রশাসন সার্বিক পরিস্থিতি পর্যবেক্ষণ করছে এ বিষয়ে সংশ্লিষ্ট কর্মকর্তারা জানান দেশের বিভিন্ন স্থানে নানা উদ্যোগ গ্রহণ করা হয়েছে এবং সরকারের পক্ষ থেকে প্রয়োজনীয় ব্যবস্থা নেওয়ার কথা বলা হয়েছে এছাড়া স্থানীয় প্রশাসন সার্বিক পরিস্থিতি পর্যবেক্ষণ করছে এ বিষয়ে সংশ্লিষ্ট কর্মকর্তারা জানান দেশের বিভিন্ন স্থানে নানা উদ্যোগ গ্রহণ করা হয়েছে এবং সরকারের পক্ষ থেকে প্রয়োজনীয় ব্যবস্থা নেওয়ার কথা বলা হয়েছে এছাড়া স্থানীয় প্রশাসন সার্বিক পরিস্থিতি পর্যবেক্ষণ করছে এ বিষয়ে সংশ্লিষ্ট কর্মকর্তারা জানান দেশের বিভিন্ন স্থানে নানা উদ্যোগ গ্রহণ করা হয়েছে এবং সরকারের পক্ষ থেকে প্রয়োজনীয় ব্যবস্থা নেওয়ার কথা বলা হয়েছে এছাড়া স্থানীয় প্রশাসন সার্বিক পরিস্থিতি পর্যবেক্ষণ করছে এ বিষয়ে সংশ্লিষ্ট কর্মকর্তারা জানান দেশের বিভিন্ন স্থানে নানা উদ্যোগ গ্রহণ করা হয়েছে এবং সরকারের পক্ষ থেকে প্রয়োজনীয় ব্যবস্থা নেওয়ার কথা বলা হয়েছে এছাড়া স্থানীয় প্রশাসন সার্বিক পরিস্থিতি পর্যবেক্ষণ করছে এ বিষয়ে সংশ্লিষ্ট কর্মকর্তারা জানান দেশের বিভিন্ন স্থানে নানা উদ্যোগ গ্রহণ করা হয়েছে এবং সরকারের পক্ষ থেকে প্রয়োজনীয় ব্যবস্থা নেওয়ার কথা বলা হয়েছে এছাড়া স্থানীয় প্রশাসন সার্বিক পরিস্থিতি পর্যবেক্ষণ করছে এ বিষয়ে সংশ্লিষ্ট কর্মকর্তারা জানান দেশের বিভিন্ন স্থানে নানা উদ্যোগ গ্রহণ করা হয়েছে এবং সরকারের পক্ষ থেকে প্রয়োজনীয় ব্যবস্থা নেওয়ার কথা বলা হয়েছে এছাড়া স্থানীয় প্রশাসন সার্বিক পরিস্থিতি পর্যবেক্ষণ করছে এ বিষয়ে সংশ্লিষ্ট কর্মকর্তারা জানান দেশের বিভিন্ন স্থানে নানা উদ্যোগ গ্রহণ করা হয়েছে এবং সরকারের পক্ষ থেকে প্রয়োজনীয় ব্যবস্থা নেওয়ার কথা বলা হয়েছে এছাড়া স্থানীয় প্র

জামিনে মুক্তি পেলেন

এ বিষয়ে সংশ্লিষ্ট কর্মকর্তারা জানান দেশের বিভিন্ন স্থানে নানা উদ্যোগ গ্রহণ করা হয়েছে এবং সরকারের পক্ষ থেকে প্রয়োজনীয় ব্যবস্থা নেওয়ার কথা বলা হয়েছে এছাড়া স্থানীয় প্রশাসন সার্বিক পরিস্থিতি পর্যবেক্ষণ করছে এ বিষয়ে সংশ্লিষ্ট কর্মকর্তারা জানান দেশের বিভিন্ন স্থানে নানা উদ্যোগ গ্রহণ করা হয়েছে এবং সরকারের পক্ষ থেকে প্রয়োজনীয় ব্যবস্থা নেওয়ার কথা বলা হয়েছে এছাড়া স

আপোষগ্রাপ্তে ঢাকা ছাড়ার

এ বিষয়ে সংশ্লিষ্ট কর্মকর্তারা জানান দেশের বিভিন্ন স্থানে নানা উদ্যোগ গ্রহণ করা হয়েছে এবং সরকারের পক্ষ থেকে প্রয়োজনীয় ব্যবস্থা নেওয়ার কথা বলা হয়েছে এছাড়া স্থানীয় প্রশাসন সার্বিক পরিস্থিতি পর্যবেক্ষণ করছে এ বিষয়ে সংশ্লিষ্ট কর্মকর্তারা জানান দেশের বিভিন্ন স্থানে নানা উদ্যোগ গ্রহণ করা হয়েছে এবং সরকারের পক্ষ থেকে প্রয়োজনীয় ব্যবস্থা নেওয়ার কথা বলা হয়েছে এছাড়া স্থানীয় প্রশাসন সার্বিক পরিস্থিতি পর্যবেক্ষণ করছে এ বিষয়ে সংশ্লিষ্ট কর্মকর্তারা জানান দেশের বিভিন্ন স্থানে নানা উদ্যোগ গ্রহণ করা হয়েছে এবং সরকারের পক্ষ থেকে প্রয়োজনীয় ব্যবস্থা নেওয়ার কথা বলা হয়েছে এছাড়া স্থানীয় প্রশাসন সার্বিক পরিস্থিতি পর্যবেক্ষণ করছে এ বিষয়ে সংশ্লিষ্ট কর্মকর্তারা জানান দেশের বিভিন্ন স্থানে নানা উদ্যোগ গ্রহণ করা হয়েছে এবং সরকারের পক্ষ থেকে প্রয়োজনীয় ব্যবস্থা নেওয়ার কথা বলা হয়েছে এছাড়া স্থানীয় প্রশাসন সার্বিক পরিস্থিতি পর্যবেক্ষণ করছে এ বিষয়ে সংশ্লিষ্ট কর্মকর্তারা জানান দেশের বিভিন্ন স্থানে নানা উদ্যোগ গ্রহণ করা হয়েছে এবং সরকারের পক্ষ থেকে প্রয়োজনীয় ব্যবস্থা নেওয়ার কথা বলা হয়েছে এছাড়া স্থানীয় প্রশাসন সার্বিক পরিস্থিতি পর্যবেক্ষণ করছে এ বিষয়ে সংশ্লিষ্ট কর্মকর্তারা জানান দেশের বিভিন্ন স্থানে নানা উদ্যোগ গ্রহণ করা হয়েছে এবং সরকারের পক্ষ থেকে প্রয়োজনীয় ব্যবস্থা নেওয়ার কথা বলা হয়েছে এছাড়া স্থানীয় প্রশাসন সার্বিক পরিস্থিতি পর্যবেক্ষণ করছে এ বিষয়ে সংশ্লিষ্ট কর্মকর্তারা জানান দেশের বিভিন্ন স্থানে নানা উদ্যোগ গ্রহণ করা হয়েছে এবং সরকারের পক্ষ থেকে প্রয়োজনীয় ব্যবস্থা নেওয়ার কথা বলা হয়েছে এছাড়া স্থানীয় প্রশাসন সার্বিক পরিস্থিতি পর্যবেক্ষণ করছে এ বিষয়ে সং

এ বিষয়ে সংশ্লিষ্ট কর্মকর্তারা জানান দেশের বিভিন্ন স্থানে নানা উদ্যোগ গ্রহণ করা হয়েছে এবং সরকারের পক্ষ থেকে প্রয়োজনীয় ব্যবস্থা নেওয়ার কথা বলা হয়েছে এছাড়া স্থানীয় প্রশাসন সার্বিক পরিস্থিতি পর্যবেক্ষণ করছে এ বিষয়ে সংশ্লিষ্ট কর্মকর্তারা জানান দেশের বিভিন্ন স্থানে নানা উদ্যোগ গ্রহণ করা হয়েছে এবং সরকারের পক্ষ থেকে প্রয়োজনীয় ব্যবস্থা নেওয়ার কথা বলা হয়েছে এছাড়া স

ঈদের আগে-পরে ট্রাক-কাভার্ড

এ বিষয়ে সংশ্লিষ্ট কর্মকর্তারা জানান দেশের বিভিন্ন স্থানে নানা উদ্যোগ গ্রহণ করা হয়েছে এবং সরকারের পক্ষ থেকে প্রয়োজনীয় ব্যবস্থা নেওয়ার কথা বলা হয়েছে এছাড়া স্থানীয় প্রশাসন সার্বিক পরিস্থিতি পর্যবেক্ষণ করছে এ বিষয়ে সংশ্লিষ্ট কর্মকর্তারা জানান দেশের বিভিন্ন স্থানে নানা উদ্যোগ গ্রহণ করা হয়েছে এবং সরকারের পক্ষ থেকে প্রয়োজনীয় ব্যবস্থা নেওয়ার কথা বলা হয়েছে এছাড়া স্থানীয় প্রশাসন সার্বিক পরিস্থিতি পর্যবেক্ষণ করছে এ বিষয়ে সংশ্লিষ্ট কর্মকর্তারা জানান দেশের বিভিন্ন স্থানে নানা উদ্যোগ গ্রহণ করা হয়েছে এবং সরকারের পক্ষ থেকে প্রয়োজনীয় ব্যবস্থা নেওয়ার কথা বলা হয়েছে এছাড়া স্থানীয় প্রশাসন সার্বিক পরিস্থিতি পর্যবেক্ষণ করছে এ বিষয়ে সংশ্লিষ্ট কর্মকর্তারা জানান দেশের বিভিন্ন স্থানে নানা উদ্যোগ গ্রহণ করা হয়েছে এবং সরকারের পক্ষ থেকে প্রয়োজনীয় ব্যবস্থা নেওয়ার কথা বলা হয়েছে এছাড়া স্থানীয় প্রশাসন সার্বিক পরিস্থিতি পর্যবেক্ষণ করছে এ বিষয়ে সংশ্লিষ্ট কর্মক

দেশের বন্ধ পাটকল চালু

এ বিষয়ে সংশ্লিষ্ট কর্মকর্তারা জানান দেশের বিভিন্ন স্থানে নানা উদ্যোগ গ্রহণ করা হয়েছে এবং সরকারের পক্ষ থেকে প্রয়োজনীয় ব্যবস্থা নেওয়ার কথা বলা হয়েছে এছাড়া স্থানীয় প্রশাসন সার্বিক পরিস্থিতি পর্যবেক্ষণ করছে এ বিষয়ে সংশ্লিষ্ট কর্মকর্তারা জানান দেশের বিভিন্ন স্থানে নানা উদ্যোগ গ্রহণ করা হয়েছে এবং সরকারের পক্ষ থেকে প্রয়োজনীয় ব্যবস্থা নেওয়ার কথা বলা হয়েছে এছাড়া স্থানীয় প্রশাসন সার্বিক পরিস্থিতি পর্যবেক্ষণ করছে এ বিষয়ে সংশ্লিষ্ট কর্মকর্তারা জানান দেশের বিভিন্ন স্থানে নানা উদ্যোগ গ্রহণ করা হয়েছে এবং সরকারের পক্ষ থেকে প্রয়োজনীয় ব্যবস্থা নেওয়ার কথা বলা হয়েছে এছাড়া স্থানীয় প্রশাসন সার্বিক পরিস্থিতি পর্যবেক্ষণ করছে এ বিষয়ে সংশ্লিষ্ট কর্মকর্তারা জানান দেশের বিভিন্ন স্থানে নানা উদ্যোগ গ্রহণ করা হয়েছে এবং সরকারের পক্ষ থেকে প্রয়োজনীয় ব্যবস্থা নেওয়ার কথা বলা হয়েছে এছাড়া স্থানীয় প্রশাসন সার্বিক পরিস্থিতি পর্যবেক্ষণ করছে এ বিষয়ে সংশ্লিষ্ট কর্মকর্তারা জানান দেশের বিভিন্ন স্থানে নানা উদ্যোগ গ্রহণ করা হয়েছে এবং সরকারের পক্ষ থেকে প্রয়োজনীয় ব্যবস্থা নেওয়ার কথা বলা হয়েছে এছাড়া স্থানীয় প্রশাসন সার্বিক পরিস্থিতি পর্যবেক্ষণ করছে এ বিষয়ে সংশ্লিষ্ট কর্মকর্তারা জানান দেশের বিভিন্ন স্থানে নান

আরও ৫ সিটি কর্পোরেশনে

এ বিষয়ে সংশ্লিষ্ট কর্মকর্তারা জানান দেশের বিভিন্ন স্থানে নানা উদ্যোগ গ্রহণ করা হয়েছে এবং সরকারের পক্ষ থেকে প্রয়োজনীয় ব্যবস্থা নেওয়ার কথা বলা হয়েছে এছাড়া স্থানীয় প্রশাসন সার্বিক পরিস্থিতি পর্যবেক্ষণ করছে এ বিষয়ে সংশ্লিষ্ট কর্মকর্তারা জানান দেশের বিভিন্ন স্থানে নানা উদ্যোগ গ্রহণ করা হয়েছে এবং সরকারের পক্ষ থেকে প্রয়োজনীয় ব্যবস্থা নেওয়ার কথা বলা হয়েছে এছাড়া স্থানীয় প্রশাসন সার্বিক পরিস্থিতি পর্যবেক্ষণ করছে এ বিষয়ে সংশ্লিষ্ট কর্মকর্তারা জানান দেশের বিভিন্ন স্থানে নানা উদ্যোগ গ্রহ

নড়বড়ে রেলপথে ঝুঁকি

এ বিষয়ে সংশ্লিষ্ট কর্মকর্তারা জানান দেশের বিভিন্ন স্থানে নানা উদ্যোগ গ্রহণ করা হয়েছে এবং সরকারের পক্ষ থেকে প্রয়োজনীয় ব্যবস্থা নেওয়ার কথা বলা হয়েছে এছাড়া স্থানীয় প্রশাসন সার্বিক পরিস্থিতি পর্যবেক্ষণ করছে এ বিষয়ে সংশ্লিষ্ট কর্মকর্তারা জানান দেশের বিভিন্ন স্থানে নানা উদ্যোগ গ্রহণ করা হয়েছে এবং সরকারের পক্ষ থেকে প্রয়োজনীয় ব্যবস্থা নেওয়ার কথা বলা হয়েছে এছাড়া স্থানীয় প্রশাসন সার্বিক পরিস্থিতি পর্যবেক্ষণ করছে এ বিষয়ে সংশ্লিষ্ট কর্মকর্তারা জানান দেশের বিভিন্ন স্থানে নানা উদ্যোগ গ্রহণ করা হয়েছে এবং সরকারের পক্ষ থেকে প্রয়োজনীয় ব্যবস্থা নেওয়ার কথা বলা হয়েছে এছাড়া স্থানীয় প্রশাসন সার্বিক পরিস্থিতি পর্যবেক্ষণ করছে এ বিষয়ে সংশ্লিষ্ট কর্মকর্তারা জানান দেশের বিভিন্ন স্থানে নানা উদ্যোগ গ্রহণ করা হয়েছে এবং সরকারের পক্ষ থেকে প্রয়োজনীয় ব্যবস্থা নেওয়ার কথা বলা হয়েছে এছাড়া স্থানীয় প্রশাসন সার্বিক পরিস্থিতি পর্যবেক্ষণ করছে এ বিষয়ে সংশ্লিষ্ট কর্মকর্তারা জানান দেশের বিভিন্ন স্থানে নানা উদ্যোগ গ্রহণ করা হয়েছে এবং সরকারের পক্ষ থেকে প্রয়োজনীয় ব্যবস্থা নেওয়ার কথা বলা হয়েছে এছাড়া স্থানীয় প্রশাসন সার্বিক পরিস্থিতি পর্যবেক্ষণ করছে এ বিষয়ে সংশ্লিষ্ট কর্মকর্তারা জানান দেশের বিভিন্ন স্থানে নানা উদ্যোগ গ্রহণ করা হয়েছে এবং সরকারের পক্ষ থেকে প্রয়োজনীয় ব্যবস্থা নেওয়ার কথা বলা হয়েছে এছাড়া স্থানীয় প্রশাসন সার্বিক পরিস্থিতি পর্যবেক্ষণ করছে এ বিষয়ে সংশ্লিষ্ট কর্মকর্তারা জানান দেশের বিভিন্ন স্থানে নানা উদ্যোগ গ্রহণ করা হয়েছে এবং সরকারের পক্ষ থেকে প্রয়োজনীয় ব্যবস্থা নেওয়ার কথা বলা হয়েছে এছাড়া স্থানীয় প্রশাসন সার্বিক পরিস্থিতি পর্যবেক্ষণ করছে এ বিষয়ে সংশ্লিষ্ট কর্মকর্তারা জানান দেশের বিভিন্ন স্থানে নানা উদ্যোগ গ্রহণ করা হয়েছে এবং সরকারের পক্ষ থেকে প্রয়োজনীয় ব্যবস্থা নেওয়ার কথা বলা হয়েছে এছাড়া স্থানীয় প্রশাসন সার্বিক পরিস্থিতি পর্যবেক্ষণ করছে এ বিষয়ে সংশ্লিষ্ট কর্মকর্তারা জানান দেশের বিভিন্ন স্থানে নানা উদ্যোগ গ্রহণ করা হয়েছে এবং সরকারের পক্ষ থেকে প্রয়োজনীয় ব্যবস্থা নেওয়ার কথা বলা হয়েছে এছাড়া স্থানীয় প্রশাসন সার্বিক পরিস্থিতি পর্যবেক্ষণ করছে এ বিষয়ে সংশ্লিষ্ট কর্মকর্তারা জানান দেশের বিভিন্ন স্থানে নানা উদ্যোগ গ্রহণ করা হয়েছে এবং সরকারের পক্ষ থেকে প্রয়োজনীয় ব্যবস্থা নেওয়ার কথা বলা হয়েছে এছাড়া স্থানীয় প্রশাসন সার্বিক পরিস্থিতি পর্যবেক্ষণ করছে এ বিষয়ে সংশ্লিষ্ট কর্মকর্তারা জানান দেশের বিভিন্ন স্থানে নানা উদ্যোগ গ্রহণ করা হয়েছে এবং সরকারের পক্ষ থেকে প্রয়োজনীয় ব্যবস্থা নেওয়ার কথা বলা হয়েছে এছাড়া স্থানীয় প্রশাসন সার্বিক পরিস্থিতি পর্যবেক্ষণ করছে এ বিষয়ে সংশ্লিষ্ট কর্মকর্তারা জানান দেশের বিভিন্ন স্থানে নানা উদ্যোগ গ্রহণ করা হয়েছে এবং সরকারের পক্ষ থেকে প্রয়োজনীয় ব্যবস্থা নেওয়ার কথা বলা হয়েছে এছাড়া স্থানীয় প্রশাসন সার্বিক পরিস্থিতি পর্যবেক্ষণ করছে এ বিষয়ে সংশ্লিষ্ট কর্মকর্তারা জানান দেশের বিভিন্ন স্থানে নানা উদ্যোগ গ্রহণ করা হয়েছে এবং সরকারের পক্ষ থেকে প্রয়োজনীয় ব্যবস্থা নেওয়ার কথা বলা হয়েছে এছাড়া স্থানীয় প্রশাসন সার্বিক পরিস্থিতি পর্যবেক্ষণ করছে এ বিষয়ে সংশ্লিষ্ট কর্মকর্তারা জানান দেশের বিভিন্ন স্থানে নানা উদ্যোগ গ্রহণ করা হয়েছে এবং সরকারের পক্ষ থেকে প্রয়োজনীয় ব্যবস্থা নেওয়ার কথা বলা হয়েছে এছাড়া স্থানীয় প্রশাসন সার্বিক পরিস্থিতি পর্যবেক্ষণ করছে এ বিষয়ে সংশ্লিষ্ট কর্মকর্তারা জানান দেশের বিভিন্ন স্থানে নানা উদ্যোগ গ্রহণ করা হয়েছে এবং সরকারের পক্ষ থেকে প্রয়োজনীয় ব্যবস্থা নেওয়ার কথা বলা হয়েছে এছাড়া স্থানীয় প্রশাসন সার্বিক পরিস্থিতি পর্যবেক্ষণ করছে এ বিষয়ে সংশ্লিষ্ট কর্মকর্তারা জানান দেশের বিভিন্ন স্থানে নানা উদ্যোগ গ্রহণ করা হয়েছে এবং সরকারের পক্ষ থেকে প্রয়োজনীয় ব্যবস্থা নেওয়ার কথা বলা হয়েছে এছাড়া স্থানীয় প্রশাসন সার্বিক পরিস্থিতি পর্যবেক্ষণ করছে এ বিষয়ে সংশ্লিষ্ট কর্মকর্তারা জানান দেশের বিভিন্ন স্থানে নানা উদ্যোগ গ্রহণ করা হয়েছে এবং সরকারের পক্ষ থেকে প্রয়োজনীয় ব্যবস্থা নেওয়ার কথা বলা হয়েছে এছাড়া স্থানীয় প্রশাসন সার্বিক পরিস্থিতি পর্যবেক্ষণ করছে এ বিষয়ে সংশ্লিষ্ট কর্মকর্তারা জানান দেশের বিভিন্ন স্থানে নানা উদ্যোগ গ্রহণ করা হয়েছে এবং সরকারের পক্ষ থেকে প্রয়োজনীয় ব্যবস্থা নেওয়ার কথা বলা হয়েছে এছাড়া স্থানীয় প্রশাসন সার্বিক পরিস্থিতি পর্যবেক্ষণ করছে এ বিষয়ে সংশ্লিষ্ট কর্মকর্তারা জানান দেশের বিভিন্ন স্থানে নানা উদ্যোগ গ্রহণ করা হয়েছে এবং সরকারের পক্ষ থেকে প্রয়োজনীয় ব্যবস্থা নেওয়ার কথা বলা হয়েছে এছাড়া স্থানীয় প্রশাসন সার্বিক পরিস্থিতি পর্যবেক্ষণ করছে এ বিষয়ে সংশ্লিষ্ট কর্মকর্তারা জানান দেশের বিভিন্ন স্থানে নানা উদ্যোগ গ্রহণ করা হয়েছে এবং সরকারের পক্ষ থেকে প্রয়োজনীয় ব্যবস্থা নেওয়ার কথা বলা হয়েছে এছাড়া স্থানীয় প্রশাসন সার্বিক পরিস্থিতি পর্যবেক্ষণ করছে এ বিষয়ে সংশ্লিষ্ট কর্মকর্তারা জানান দেশের বিভিন্ন স্থানে নানা উদ্যোগ গ্রহণ করা হয়েছে এবং সরকারের পক্ষ থেকে প্রয়োজনীয় ব্যবস্থা নেওয়ার কথা বলা হয়েছে এছাড়া স্থানীয় প্রশাসন সার্বিক পরিস্থিতি পর্যবেক্ষণ করছে এ বিষয়ে সংশ্লিষ্ট কর্মকর্তারা জানান দেশের বিভিন্ন স্থানে নানা উদ্যোগ গ্রহণ করা হয়েছে এবং সরকারের পক্ষ থেকে প্রয়োজনীয় ব্যবস্থা নেওয়ার কথা বলা হয়েছে এছাড়া স্থানীয় প্রশাসন সার্বিক পরিস্থিতি পর্যবেক্ষণ করছে এ বিষয়ে সংশ্লিষ্ট কর্মকর্তারা জানান দেশের বিভিন্ন স্থানে নানা উদ্যোগ গ্রহণ করা হয়েছে এবং সরকারের পক্ষ থেকে প্রয়োজনীয় ব্যবস্থা নেওয়ার কথা বলা হয়েছে এছাড়া স্থানীয় প্রশাসন সার্বিক পরিস্থিতি পর্যবেক্ষণ করছে এ বিষয়ে সংশ্লিষ্ট কর্মকর্তারা জানান দেশের বিভিন্ন স্থানে নানা উদ্যোগ গ্রহণ করা হয়েছে এবং সরকারের পক্ষ থেকে প্রয়োজনীয় ব্যবস্থা নেওয়ার কথা বলা হয়েছে এছাড়া স্থানীয় প্রশাসন সার্বিক পরিস্থিতি পর্যবেক্ষণ করছে এ বিষয়ে সংশ্লিষ্ট কর্মকর্তারা জানান দেশের বিভিন্ন স্থানে নানা উদ্যোগ গ্রহণ করা হয়েছে এবং সরকারের পক্ষ থেকে প্রয়োজনীয় ব্যবস্থা নেওয়ার কথা বল

তেল নয় পানি হচ্ছে

এ বিষয়ে সংশ্লিষ্ট কর্মকর্তারা জানান দেশের বিভিন্ন স্থানে নানা উদ্যোগ গ্রহণ করা হয়েছে এবং সরকারের পক্ষ থেকে প্রয়োজনীয় ব্যবস্থা নেওয়ার কথা বলা হয়েছে এছাড়া স্থানীয় প্রশাসন সার্বিক পরিস্থিতি পর্যবেক্ষণ করছে এ বিষয়ে সংশ্লিষ্ট কর্মকর্তারা জানান দেশের বিভিন্ন স্থানে নানা উদ্যোগ গ্রহণ করা হয়েছে এবং সরকারের পক্ষ থেকে প্রয়োজনীয় ব্যবস্থা নেওয়ার কথা বলা হয়েছে এছাড়া স্থানীয় প্রশাসন সার্বিক পরিস্থিতি পর্যবেক্ষণ করছে এ বিষয়ে সংশ্লিষ্ট কর্মকর্তারা জানান দেশের বিভিন্ন স্থানে নানা উদ্যোগ গ্রহণ করা হয়েছে এবং সরকারের পক্ষ থেকে প্রয়োজনীয় ব্যবস্থা নেওয়ার কথা বলা হয়েছে এছাড়া স্থানীয় প্রশাসন সার্বিক পরিস্থিতি পর্যবেক্ষণ করছে এ বিষয়ে সংশ্লিষ্ট কর্মকর্তারা জানান দেশের বিভিন্ন স্থানে নানা উদ্যোগ গ্রহণ করা হয়েছে এবং সরকারের পক্ষ থেকে প্রয়োজনীয় ব্যবস্থা নেওয়ার কথা বলা হয়েছে এছাড়া স্থানীয় প্রশাসন সার্বিক পরিস্থিতি পর্যবেক্ষণ করছে এ বিষয়ে সংশ্লিষ্ট কর্মকর্তারা জানান দেশের বিভিন্ন স্থানে নানা উদ্যোগ গ্রহণ করা হয়েছে এবং সরকারের পক্ষ থেকে প্রয়োজনীয় ব্যবস্থা নেওয়ার কথা বলা হয়েছে এছাড়া স্থানীয় প্রশাসন সার্বিক পরিস্থিতি পর্যবেক্ষণ করছে এ বিষয়ে সংশ্লিষ্ট কর্মকর্তারা জানান দেশের বিভিন্ন স্থানে নানা উদ্যোগ গ্রহণ করা হয়েছে এবং সরকারের পক্ষ থেকে প্রয়োজনীয় ব্যবস্থা নেওয়ার কথা বলা হয়েছে এছাড়া স্থানীয় প্রশাসন সার্বিক পরিস্থিতি পর্যবেক্ষণ করছে এ বিষয়ে সংশ্লিষ্ট কর্মকর্তারা জানান দেশের বিভিন্ন স্থানে নানা উদ্যোগ গ্রহণ করা হয়েছে এবং সরকারের পক্ষ থেকে প্রয়োজনীয় ব্যবস্থা নেওয়ার কথা বলা হয়েছে এছাড়া স্থানীয় প্রশাসন সার্বিক পরিস্থিতি পর্যবেক্ষণ করছে এ বিষয়ে সংশ্লিষ্ট কর্মকর্তারা জানান দেশের বিভিন্ন স্থানে নানা উদ্যোগ গ্রহণ করা হয়েছে এবং সরকারের পক্ষ থেকে প্রয়োজনীয় ব্যবস্থা নেওয়ার কথা বলা হয়েছে এছাড়া স্থানীয় প্রশাসন সার্বিক পরিস্থিতি পর্যবেক্ষণ করছে এ বিষয়ে সংশ্লিষ্ট কর্মকর্তারা জানান দেশের বিভিন্ন স্থানে নানা উদ্যোগ গ্রহণ করা হয়েছে এবং সরকারের পক্ষ থেকে প্রয়োজনীয় ব্যবস্থা নেওয়ার কথা বলা হয়েছে এছাড়া স্থানীয় প্র
